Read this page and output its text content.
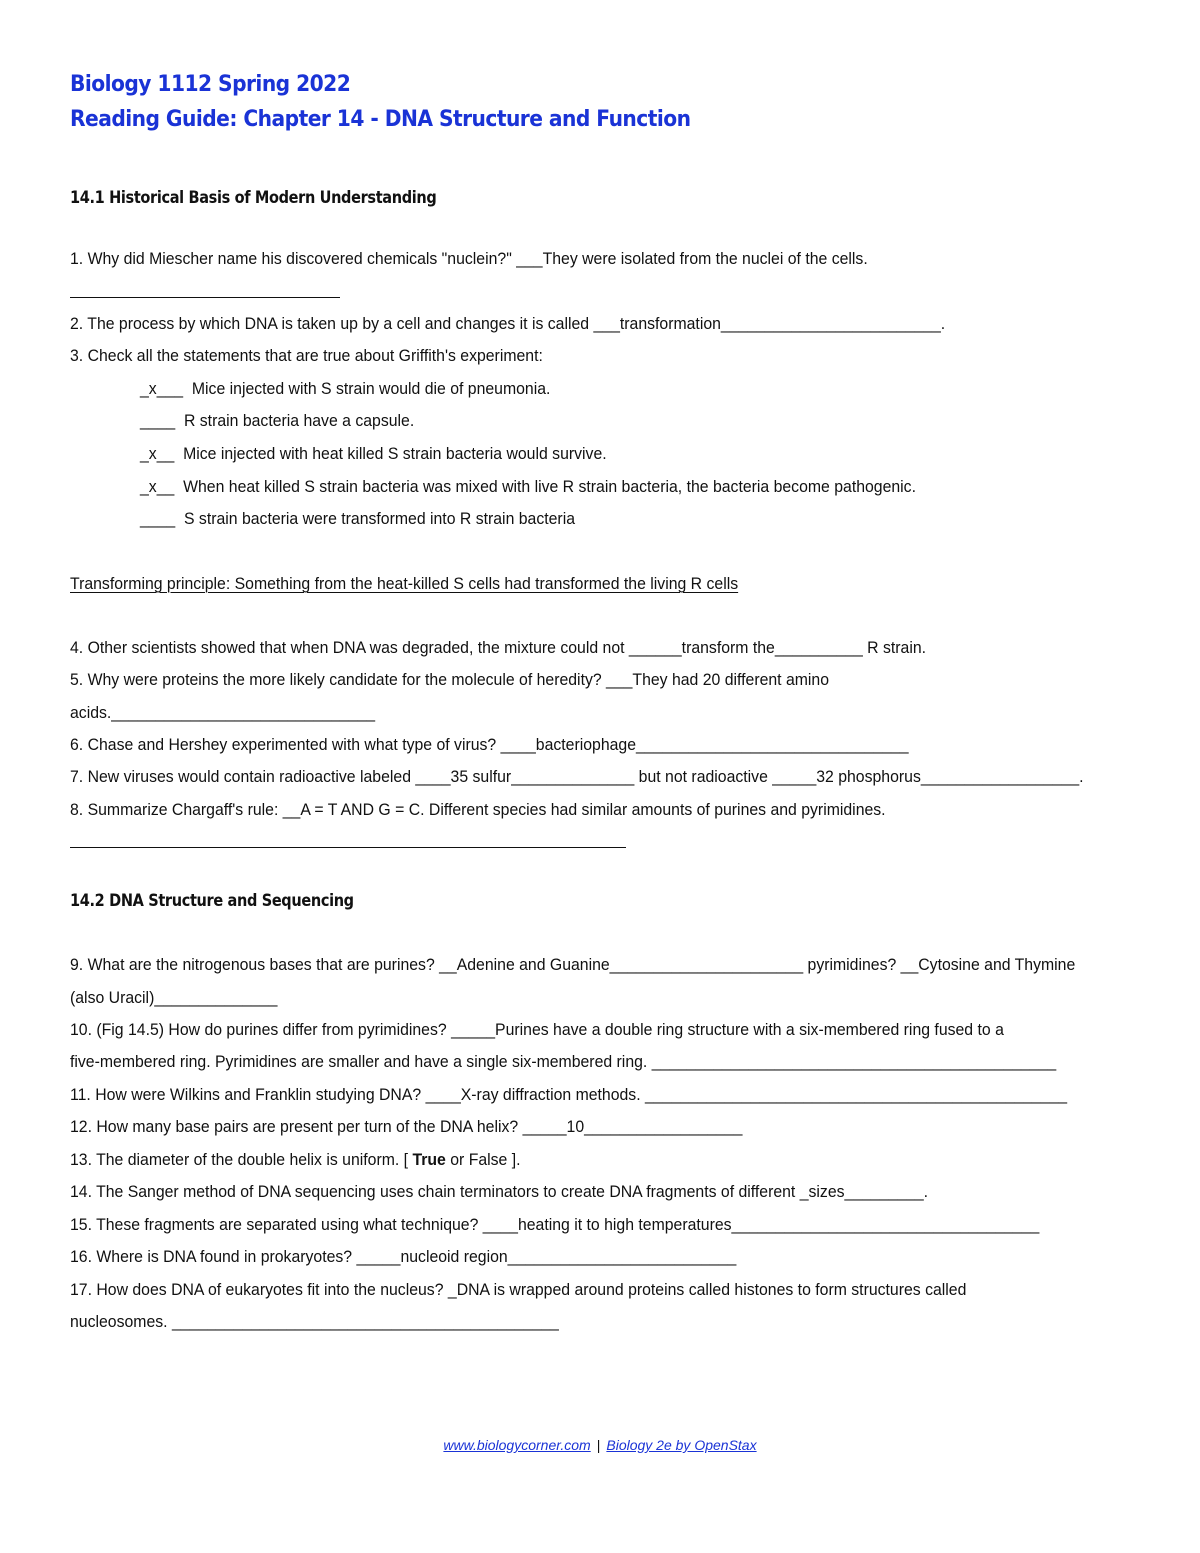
Biology 1112 Spring 2022
Reading Guide: Chapter 14 - DNA Structure and Function
14.1 Historical Basis of Modern Understanding
1. Why did Miescher name his discovered chemicals "nuclein?" ___They were isolated from the nuclei of the cells.
2. The process by which DNA is taken up by a cell and changes it is called ___transformation_________________________.
3. Check all the statements that are true about Griffith's experiment:
_x___ Mice injected with S strain would die of pneumonia.
____ R strain bacteria have a capsule.
_x__ Mice injected with heat killed S strain bacteria would survive.
_x__ When heat killed S strain bacteria was mixed with live R strain bacteria, the bacteria become pathogenic.
____ S strain bacteria were transformed into R strain bacteria
Transforming principle: Something from the heat-killed S cells had transformed the living R cells
4. Other scientists showed that when DNA was degraded, the mixture could not ______transform the__________ R strain.
5. Why were proteins the more likely candidate for the molecule of heredity? ___They had 20 different amino
acids.______________________________
6. Chase and Hershey experimented with what type of virus? ____bacteriophage_______________________________
7. New viruses would contain radioactive labeled ____35 sulfur______________ but not radioactive _____32 phosphorus__________________.
8. Summarize Chargaff's rule: __A = T AND G = C. Different species had similar amounts of purines and pyrimidines.
14.2 DNA Structure and Sequencing
9. What are the nitrogenous bases that are purines? __Adenine and Guanine______________________ pyrimidines? __Cytosine and Thymine
(also Uracil)______________
10. (Fig 14.5) How do purines differ from pyrimidines? _____Purines have a double ring structure with a six-membered ring fused to a
five-membered ring. Pyrimidines are smaller and have a single six-membered ring. ______________________________________________
11. How were Wilkins and Franklin studying DNA? ____X-ray diffraction methods. ________________________________________________
12. How many base pairs are present per turn of the DNA helix? _____10__________________
13. The diameter of the double helix is uniform. [ True or False ].
14. The Sanger method of DNA sequencing uses chain terminators to create DNA fragments of different _sizes_________.
15. These fragments are separated using what technique? ____heating it to high temperatures___________________________________
16. Where is DNA found in prokaryotes? _____nucleoid region__________________________
17. How does DNA of eukaryotes fit into the nucleus? _DNA is wrapped around proteins called histones to form structures called
nucleosomes. ____________________________________________
www.biologycorner.com | Biology 2e by OpenStax
